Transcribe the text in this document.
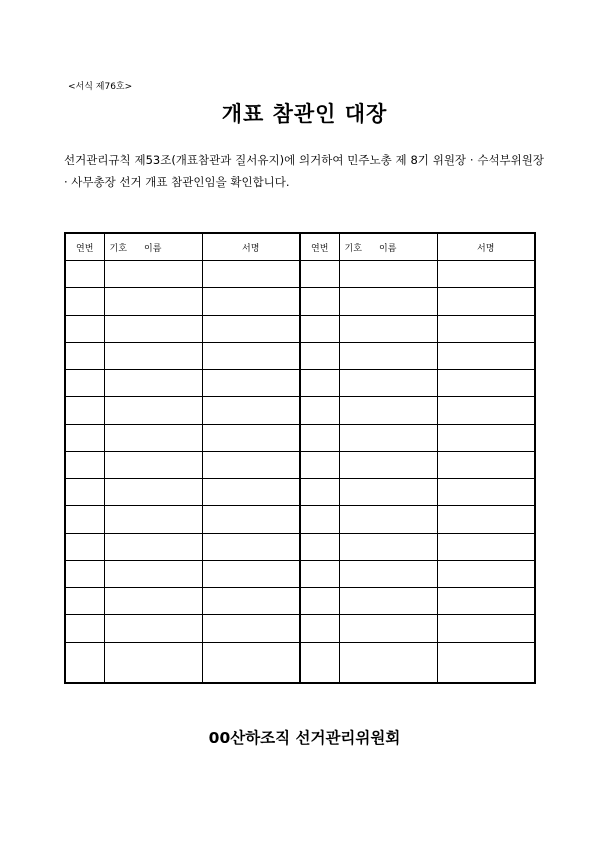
<서식 제76호>
개표 참관인 대장
선거관리규칙 제53조(개표참관과 질서유지)에 의거하여 민주노총 제 8기 위원장 · 수석부위원장 · 사무총장 선거 개표 참관인임을 확인합니다.
연번	기호      이름	서명	연번	기호      이름	서명

00산하조직 선거관리위원회
